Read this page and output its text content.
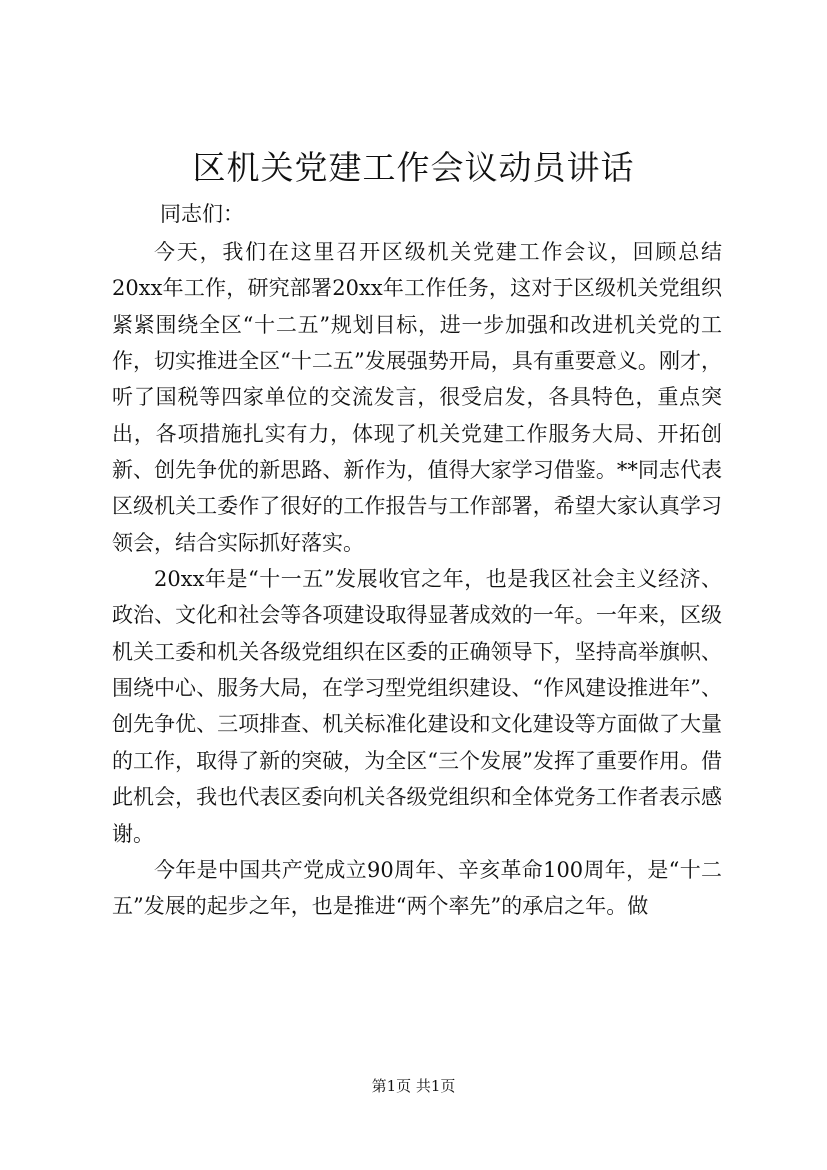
区机关党建工作会议动员讲话

同志们：

今天，我们在这里召开区级机关党建工作会议，回顾总结20xx年工作，研究部署20xx年工作任务，这对于区级机关党组织紧紧围绕全区“十二五”规划目标，进一步加强和改进机关党的工作，切实推进全区“十二五”发展强势开局，具有重要意义。刚才，听了国税等四家单位的交流发言，很受启发，各具特色，重点突出，各项措施扎实有力，体现了机关党建工作服务大局、开拓创新、创先争优的新思路、新作为，值得大家学习借鉴。**同志代表区级机关工委作了很好的工作报告与工作部署，希望大家认真学习领会，结合实际抓好落实。

20xx年是“十一五”发展收官之年，也是我区社会主义经济、政治、文化和社会等各项建设取得显著成效的一年。一年来，区级机关工委和机关各级党组织在区委的正确领导下，坚持高举旗帜、围绕中心、服务大局，在学习型党组织建设、“作风建设推进年”、创先争优、三项排查、机关标准化建设和文化建设等方面做了大量的工作，取得了新的突破，为全区“三个发展”发挥了重要作用。借此机会，我也代表区委向机关各级党组织和全体党务工作者表示感谢。

今年是中国共产党成立90周年、辛亥革命100周年，是“十二五”发展的起步之年，也是推进“两个率先”的承启之年。做

第1页 共1页
